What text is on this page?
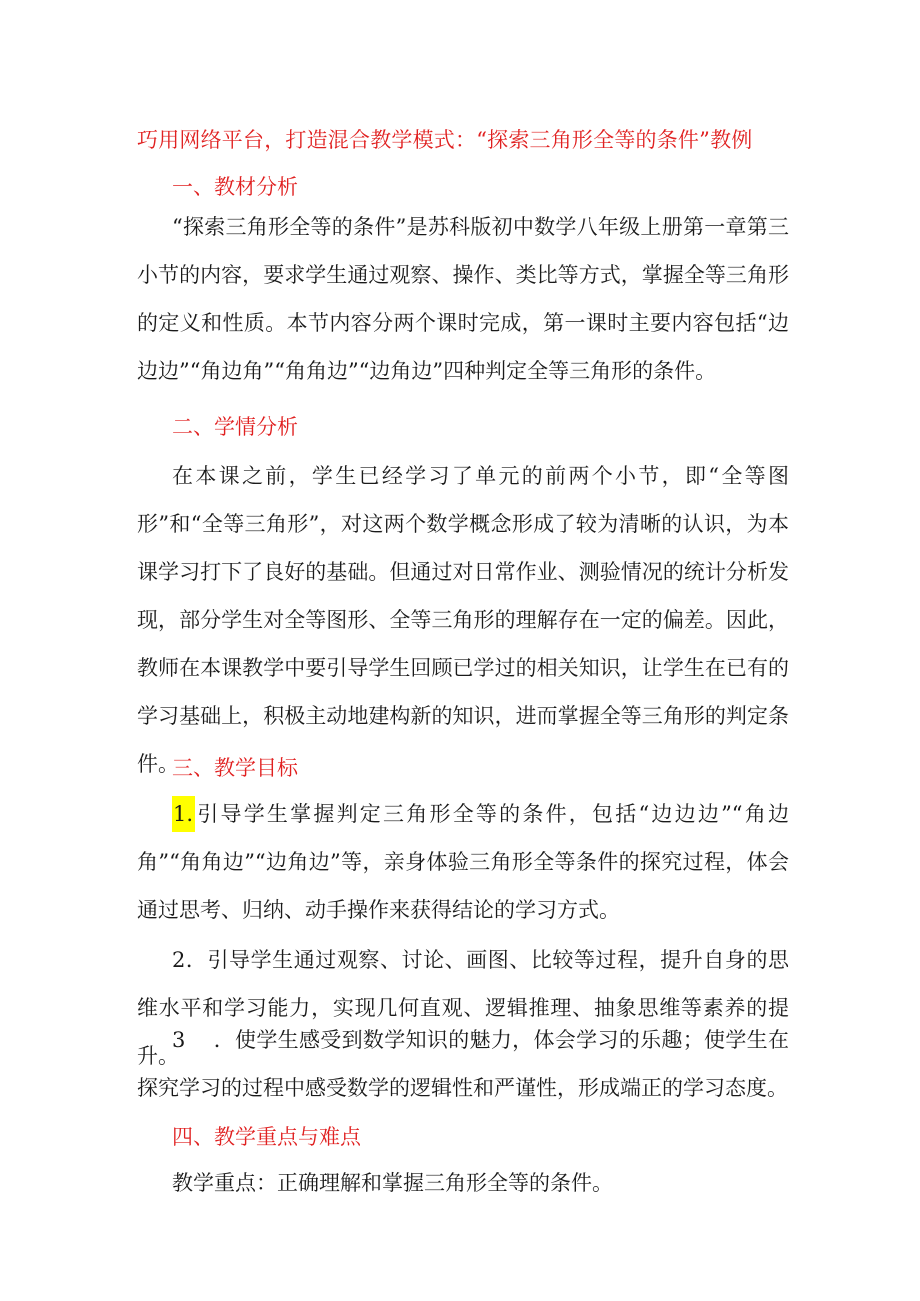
巧用网络平台，打造混合教学模式：“探索三角形全等的条件”教例
一、教材分析

“探索三角形全等的条件”是苏科版初中数学八年级上册第一章第三小节的内容，要求学生通过观察、操作、类比等方式，掌握全等三角形的定义和性质。本节内容分两个课时完成，第一课时主要内容包括“边边边”“角边角”“角角边”“边角边”四种判定全等三角形的条件。

二、学情分析

在本课之前，学生已经学习了单元的前两个小节，即“全等图形”和“全等三角形”，对这两个数学概念形成了较为清晰的认识，为本课学习打下了良好的基础。但通过对日常作业、测验情况的统计分析发现，部分学生对全等图形、全等三角形的理解存在一定的偏差。因此，教师在本课教学中要引导学生回顾已学过的相关知识，让学生在已有的学习基础上，积极主动地建构新的知识，进而掌握全等三角形的判定条件。

三、教学目标

1.引导学生掌握判定三角形全等的条件，包括“边边边”“角边角”“角角边”“边角边”等，亲身体验三角形全等条件的探究过程，体会通过思考、归纳、动手操作来获得结论的学习方式。

2．引导学生通过观察、讨论、画图、比较等过程，提升自身的思维水平和学习能力，实现几何直观、逻辑推理、抽象思维等素养的提升。

3 ．使学生感受到数学知识的魅力，体会学习的乐趣；使学生在探究学习的过程中感受数学的逻辑性和严谨性，形成端正的学习态度。

四、教学重点与难点
教学重点：正确理解和掌握三角形全等的条件。
